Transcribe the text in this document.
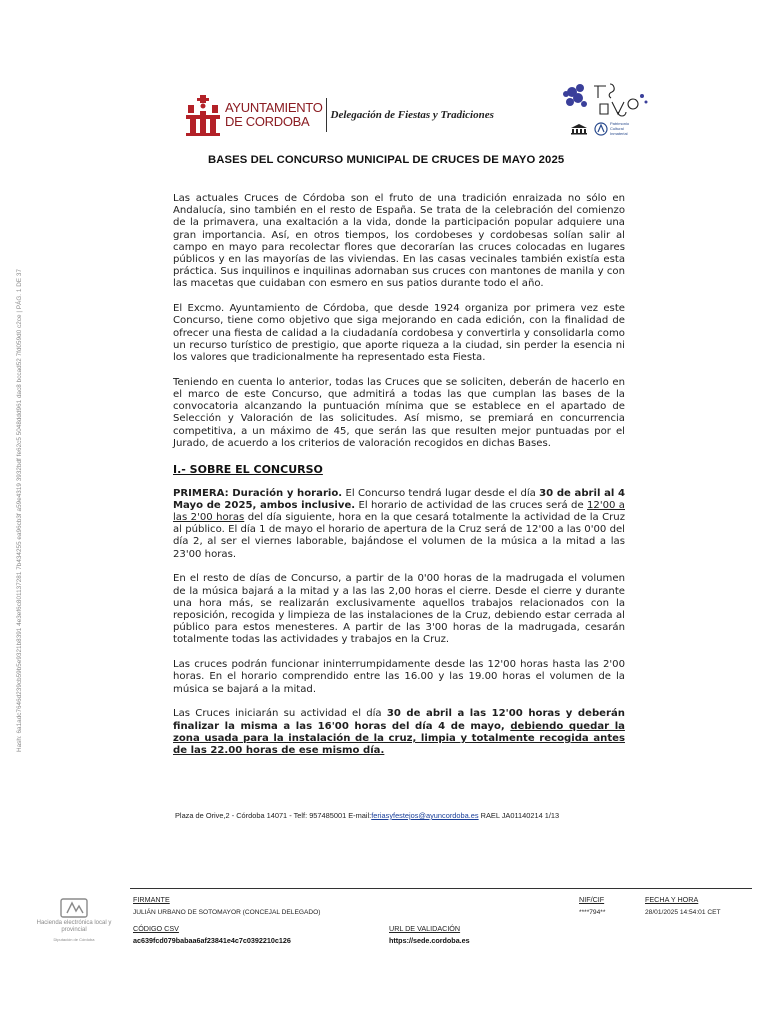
AYUNTAMIENTO
DE CORDOBA	Delegación de Fiestas y Tradiciones
Patrimonio Cultural Inmaterial
Hash: 6a1adc7646d239cb59b5e9321b8391 4e3ef6c801137281 7b434255 ea96cb3f a59e4319 3932bdf fe62c5 5048ddd961 dac8 bccad52 7fd059d0 c2ce | PÁG. 1 DE 37
BASES DEL CONCURSO MUNICIPAL DE CRUCES DE MAYO 2025

Las actuales Cruces de Córdoba son el fruto de una tradición enraizada no sólo en Andalucía, sino también en el resto de España. Se trata de la celebración del comienzo de la primavera, una exaltación a la vida, donde la participación popular adquiere una gran importancia. Así, en otros tiempos, los cordobeses y cordobesas solían salir al campo en mayo para recolectar flores que decorarían las cruces colocadas en lugares públicos y en las mayorías de las viviendas. En las casas vecinales también existía esta práctica. Sus inquilinos e inquilinas adornaban sus cruces con mantones de manila y con las macetas que cuidaban con esmero en sus patios durante todo el año.

El Excmo. Ayuntamiento de Córdoba, que desde 1924 organiza por primera vez este Concurso, tiene como objetivo que siga mejorando en cada edición, con la finalidad de ofrecer una fiesta de calidad a la ciudadanía cordobesa y convertirla y consolidarla como un recurso turístico de prestigio, que aporte riqueza a la ciudad, sin perder la esencia ni los valores que tradicionalmente ha representado esta Fiesta.

Teniendo en cuenta lo anterior, todas las Cruces que se soliciten, deberán de hacerlo en el marco de este Concurso, que admitirá a todas las que cumplan las bases de la convocatoria alcanzando la puntuación mínima que se establece en el apartado de Selección y Valoración de las solicitudes. Así mismo, se premiará en concurrencia competitiva, a un máximo de 45, que serán las que resulten mejor puntuadas por el Jurado, de acuerdo a los criterios de valoración recogidos en dichas Bases.

I.- SOBRE EL CONCURSO

PRIMERA: Duración y horario. El Concurso tendrá lugar desde el día 30 de abril al 4 Mayo de 2025, ambos inclusive. El horario de actividad de las cruces será de 12'00 a las 2'00 horas del día siguiente, hora en la que cesará totalmente la actividad de la Cruz al público. El día 1 de mayo el horario de apertura de la Cruz será de 12'00 a las 0'00 del día 2, al ser el viernes laborable, bajándose el volumen de la música a la mitad a las 23'00 horas.

En el resto de días de Concurso, a partir de la 0'00 horas de la madrugada el volumen de la música bajará a la mitad y a las las 2,00 horas el cierre. Desde el cierre y durante una hora más, se realizarán exclusivamente aquellos trabajos relacionados con la reposición, recogida y limpieza de las instalaciones de la Cruz, debiendo estar cerrada al público para estos menesteres. A partir de las 3'00 horas de la madrugada, cesarán totalmente todas las actividades y trabajos en la Cruz.

Las cruces podrán funcionar ininterrumpidamente desde las 12'00 horas hasta las 2'00 horas. En el horario comprendido entre las 16.00 y las 19.00 horas el volumen de la música se bajará a la mitad.

Las Cruces iniciarán su actividad el día 30 de abril a las 12'00 horas y deberán finalizar la misma a las 16'00 horas del día 4 de mayo, debiendo quedar la zona usada para la instalación de la cruz, limpia y totalmente recogida antes de las 22.00 horas de ese mismo día.

Plaza de Orive,2 - Córdoba 14071 - Telf: 957485001 E-mail:feriasyfestejos@ayuncordoba.es RAEL JA01140214 1/13
Hacienda electrónica local y provincial
Diputación de Córdoba
FIRMANTE
JULIÁN URBANO DE SOTOMAYOR (CONCEJAL DELEGADO)
NIF/CIF
****794**
FECHA Y HORA
28/01/2025 14:54:01 CET
CÓDIGO CSV
ac639fcd079babaa6af23841e4c7c0392210c126
URL DE VALIDACIÓN
https://sede.cordoba.es
